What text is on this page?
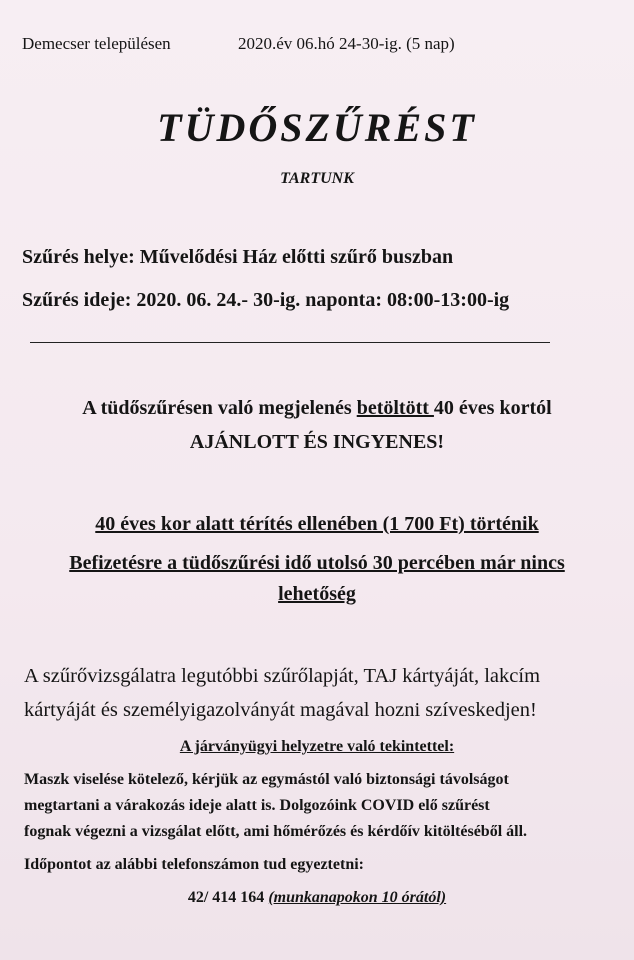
Demecser településen	2020.év 06.hó 24-30-ig. (5 nap)
TÜDŐSZŰRÉST
TARTUNK
Szűrés helye: Művelődési Ház előtti szűrő buszban
Szűrés ideje: 2020. 06. 24.- 30-ig. naponta: 08:00-13:00-ig
A tüdőszűrésen való megjelenés betöltött 40 éves kortól
AJÁNLOTT ÉS INGYENES!
40 éves kor alatt térítés ellenében (1 700 Ft) történik
Befizetésre a tüdőszűrési idő utolsó 30 percében már nincs
lehetőség
A szűrővizsgálatra legutóbbi szűrőlapját, TAJ kártyáját, lakcím
kártyáját és személyigazolványát magával hozni szíveskedjen!
A járványügyi helyzetre való tekintettel:
Maszk viselése kötelező, kérjük az egymástól való biztonsági távolságot
megtartani a várakozás ideje alatt is. Dolgozóink COVID elő szűrést
fognak végezni a vizsgálat előtt, ami hőmérőzés és kérdőív kitöltéséből áll.
Időpontot az alábbi telefonszámon tud egyeztetni:
42/ 414 164 (munkanapokon 10 órától)
